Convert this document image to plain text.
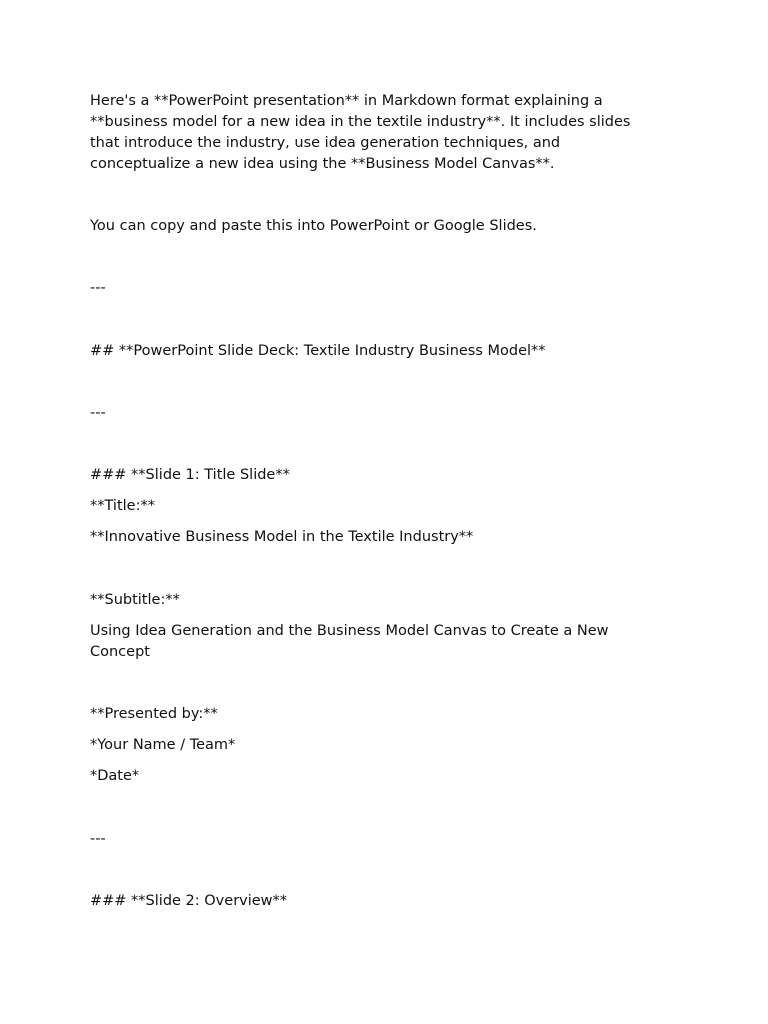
Here's a **PowerPoint presentation** in Markdown format explaining a
**business model for a new idea in the textile industry**. It includes slides
that introduce the industry, use idea generation techniques, and
conceptualize a new idea using the **Business Model Canvas**.
You can copy and paste this into PowerPoint or Google Slides.
---
## **PowerPoint Slide Deck: Textile Industry Business Model**
---
### **Slide 1: Title Slide**
**Title:**
**Innovative Business Model in the Textile Industry**
**Subtitle:**
Using Idea Generation and the Business Model Canvas to Create a New
Concept
**Presented by:**
*Your Name / Team*
*Date*
---
### **Slide 2: Overview**
